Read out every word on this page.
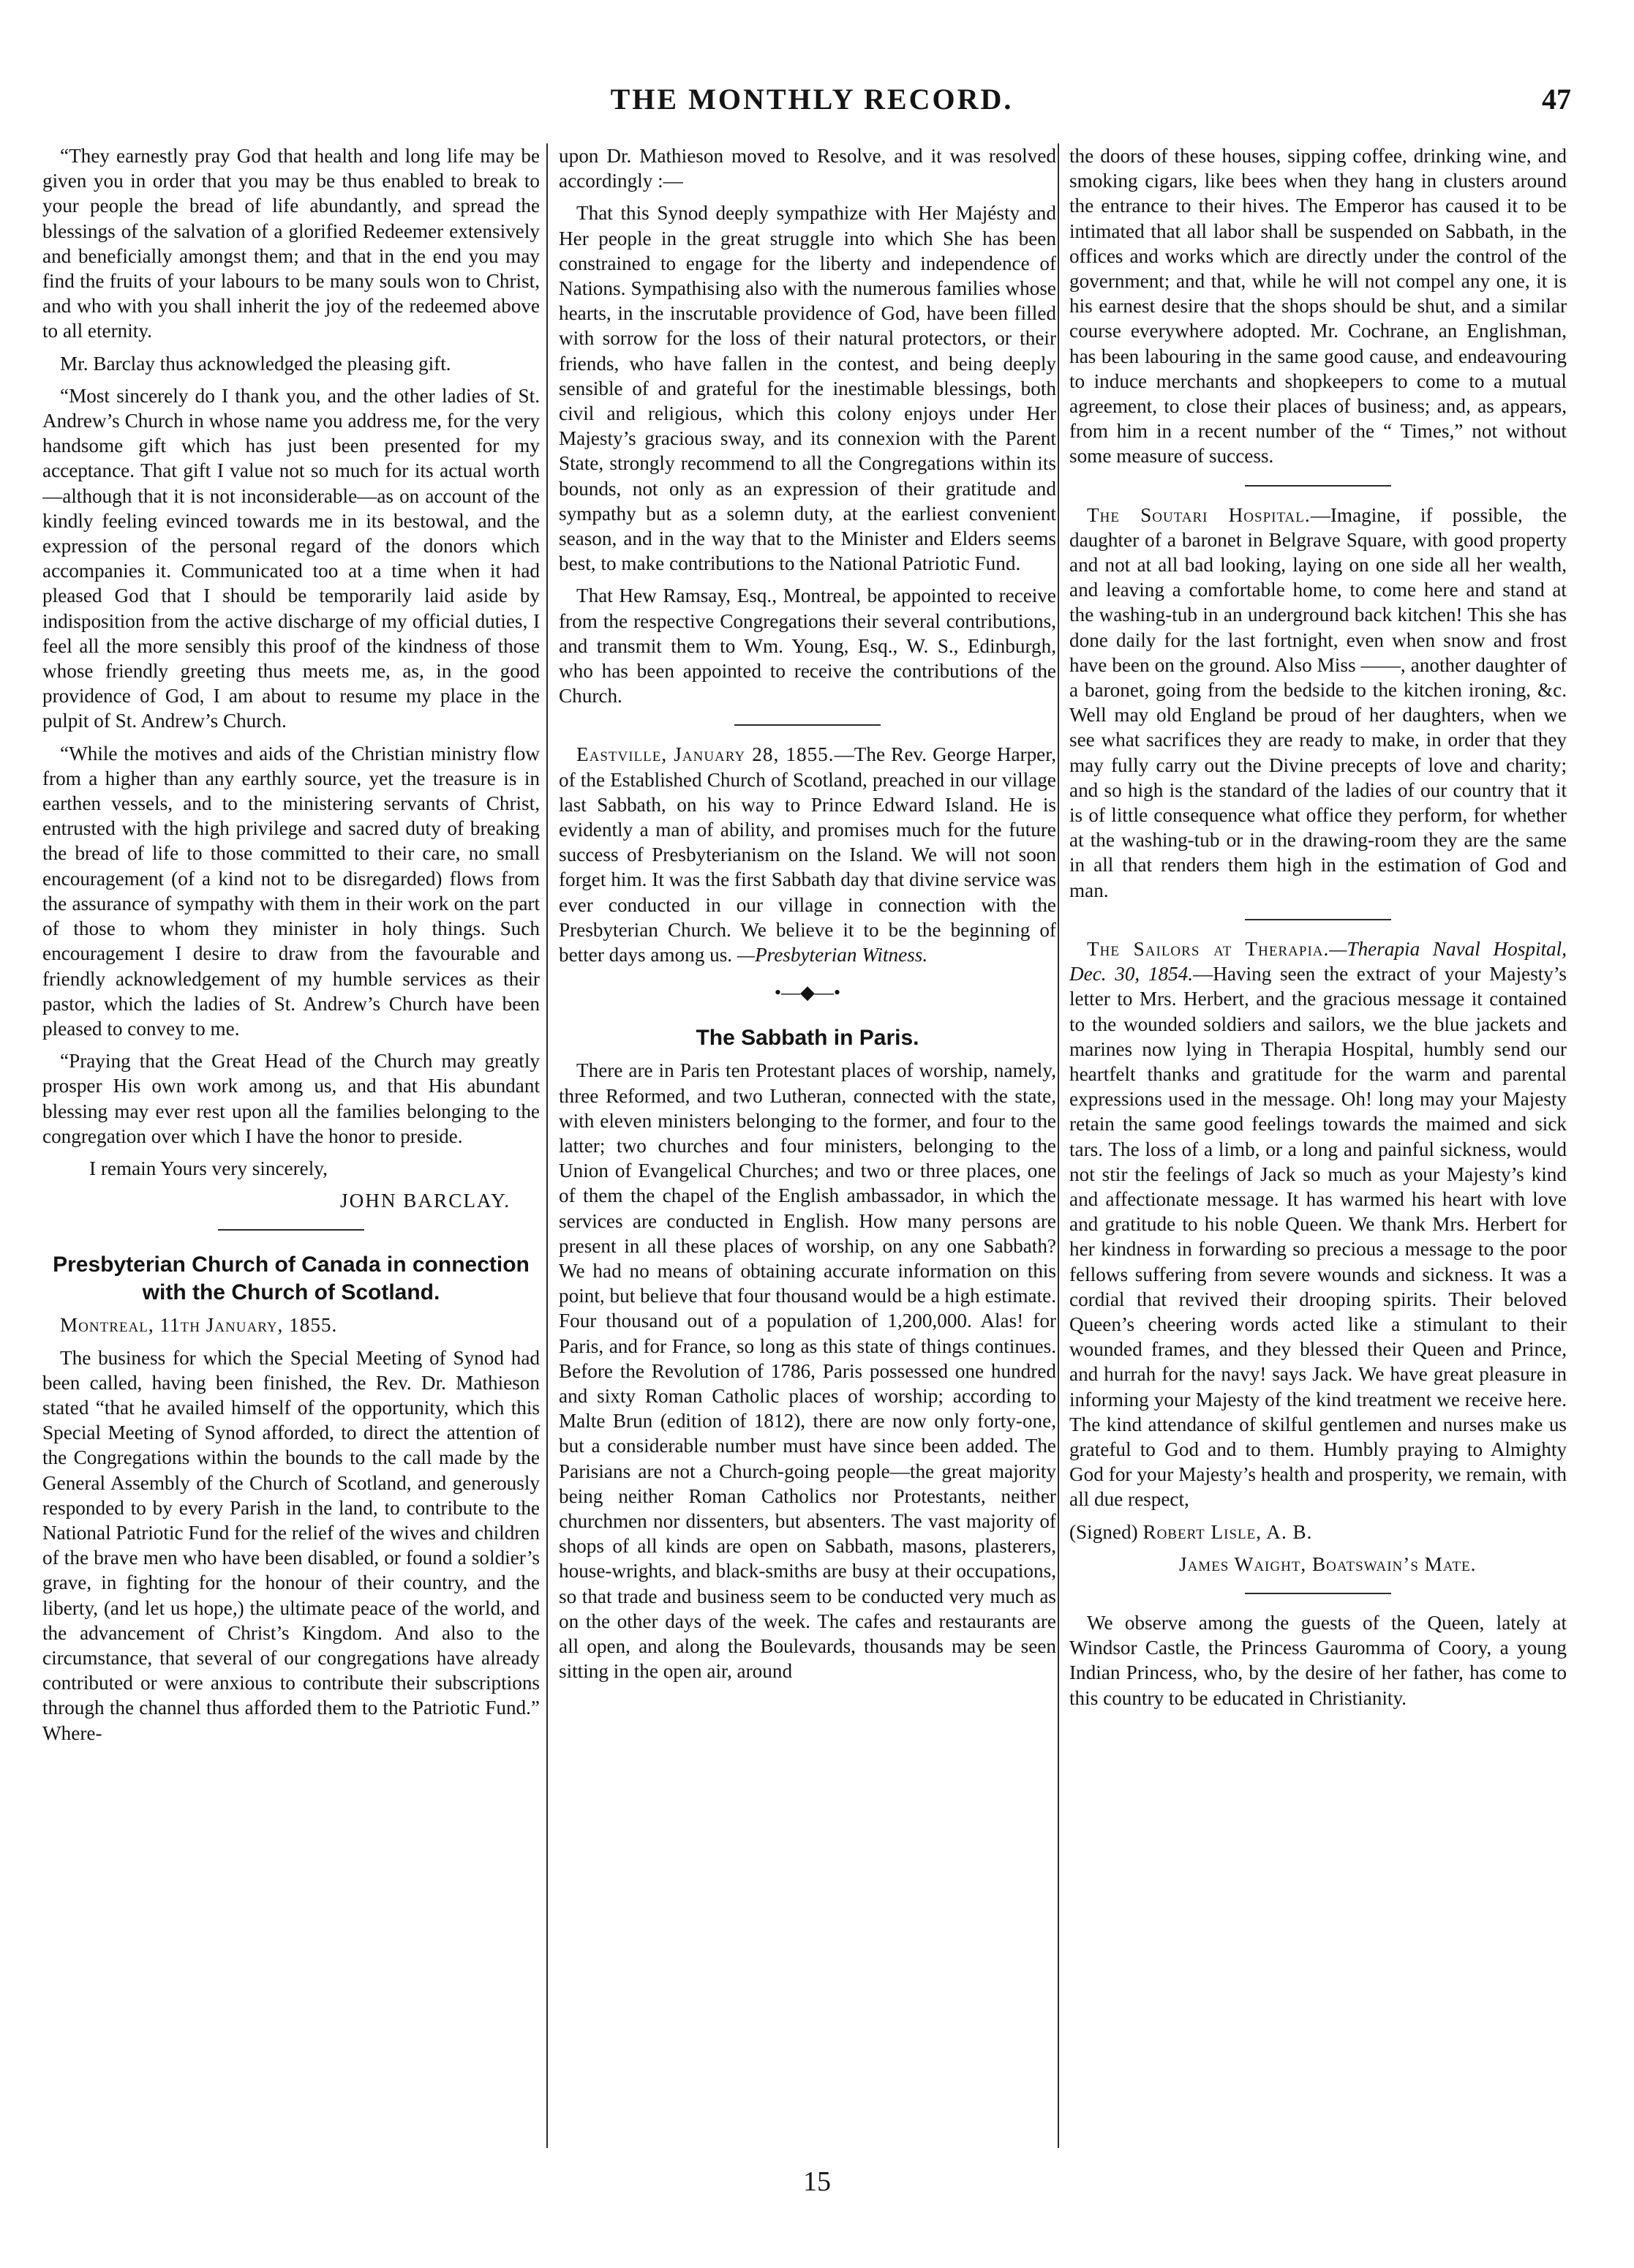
THE MONTHLY RECORD.	47

“They earnestly pray God that health and long life may be given you in order that you may be thus enabled to break to your people the bread of life abundantly, and spread the blessings of the salvation of a glorified Redeemer extensively and beneficially amongst them; and that in the end you may find the fruits of your labours to be many souls won to Christ, and who with you shall inherit the joy of the redeemed above to all eternity.

Mr. Barclay thus acknowledged the pleasing gift.

“Most sincerely do I thank you, and the other ladies of St. Andrew’s Church in whose name you address me, for the very handsome gift which has just been presented for my acceptance. That gift I value not so much for its actual worth—although that it is not inconsiderable—as on account of the kindly feeling evinced towards me in its bestowal, and the expression of the personal regard of the donors which accompanies it. Communicated too at a time when it had pleased God that I should be temporarily laid aside by indisposition from the active discharge of my official duties, I feel all the more sensibly this proof of the kindness of those whose friendly greeting thus meets me, as, in the good providence of God, I am about to resume my place in the pulpit of St. Andrew’s Church.

“While the motives and aids of the Christian ministry flow from a higher than any earthly source, yet the treasure is in earthen vessels, and to the ministering servants of Christ, entrusted with the high privilege and sacred duty of breaking the bread of life to those committed to their care, no small encouragement (of a kind not to be disregarded) flows from the assurance of sympathy with them in their work on the part of those to whom they minister in holy things. Such encouragement I desire to draw from the favourable and friendly acknowledgement of my humble services as their pastor, which the ladies of St. Andrew’s Church have been pleased to convey to me.

“Praying that the Great Head of the Church may greatly prosper His own work among us, and that His abundant blessing may ever rest upon all the families belonging to the congregation over which I have the honor to preside.

I remain Yours very sincerely,

JOHN BARCLAY.
Presbyterian Church of Canada in connection with the Church of Scotland.

Montreal, 11th January, 1855.

The business for which the Special Meeting of Synod had been called, having been finished, the Rev. Dr. Mathieson stated “that he availed himself of the opportunity, which this Special Meeting of Synod afforded, to direct the attention of the Congregations within the bounds to the call made by the General Assembly of the Church of Scotland, and generously responded to by every Parish in the land, to contribute to the National Patriotic Fund for the relief of the wives and children of the brave men who have been disabled, or found a soldier’s grave, in fighting for the honour of their country, and the liberty, (and let us hope,) the ultimate peace of the world, and the advancement of Christ’s Kingdom. And also to the circumstance, that several of our congregations have already contributed or were anxious to contribute their subscriptions through the channel thus afforded them to the Patriotic Fund.” Where-

upon Dr. Mathieson moved to Resolve, and it was resolved accordingly :—

That this Synod deeply sympathize with Her Majésty and Her people in the great struggle into which She has been constrained to engage for the liberty and independence of Nations. Sympathising also with the numerous families whose hearts, in the inscrutable providence of God, have been filled with sorrow for the loss of their natural protectors, or their friends, who have fallen in the contest, and being deeply sensible of and grateful for the inestimable blessings, both civil and religious, which this colony enjoys under Her Majesty’s gracious sway, and its connexion with the Parent State, strongly recommend to all the Congregations within its bounds, not only as an expression of their gratitude and sympathy but as a solemn duty, at the earliest convenient season, and in the way that to the Minister and Elders seems best, to make contributions to the National Patriotic Fund.

That Hew Ramsay, Esq., Montreal, be appointed to receive from the respective Congregations their several contributions, and transmit them to Wm. Young, Esq., W. S., Edinburgh, who has been appointed to receive the contributions of the Church.

Eastville, January 28, 1855.—The Rev. George Harper, of the Established Church of Scotland, preached in our village last Sabbath, on his way to Prince Edward Island. He is evidently a man of ability, and promises much for the future success of Presbyterianism on the Island. We will not soon forget him. It was the first Sabbath day that divine service was ever conducted in our village in connection with the Presbyterian Church. We believe it to be the beginning of better days among us. —Presbyterian Witness.

•—◆—•
The Sabbath in Paris.

There are in Paris ten Protestant places of worship, namely, three Reformed, and two Lutheran, connected with the state, with eleven ministers belonging to the former, and four to the latter; two churches and four ministers, belonging to the Union of Evangelical Churches; and two or three places, one of them the chapel of the English ambassador, in which the services are conducted in English. How many persons are present in all these places of worship, on any one Sabbath? We had no means of obtaining accurate information on this point, but believe that four thousand would be a high estimate. Four thousand out of a population of 1,200,000. Alas! for Paris, and for France, so long as this state of things continues. Before the Revolution of 1786, Paris possessed one hundred and sixty Roman Catholic places of worship; according to Malte Brun (edition of 1812), there are now only forty-one, but a considerable number must have since been added. The Parisians are not a Church-going people—the great majority being neither Roman Catholics nor Protestants, neither churchmen nor dissenters, but absenters. The vast majority of shops of all kinds are open on Sabbath, masons, plasterers, house-wrights, and black-smiths are busy at their occupations, so that trade and business seem to be conducted very much as on the other days of the week. The cafes and restaurants are all open, and along the Boulevards, thousands may be seen sitting in the open air, around

the doors of these houses, sipping coffee, drinking wine, and smoking cigars, like bees when they hang in clusters around the entrance to their hives. The Emperor has caused it to be intimated that all labor shall be suspended on Sabbath, in the offices and works which are directly under the control of the government; and that, while he will not compel any one, it is his earnest desire that the shops should be shut, and a similar course everywhere adopted. Mr. Cochrane, an Englishman, has been labouring in the same good cause, and endeavouring to induce merchants and shopkeepers to come to a mutual agreement, to close their places of business; and, as appears, from him in a recent number of the “ Times,” not without some measure of success.

The Soutari Hospital.—Imagine, if possible, the daughter of a baronet in Belgrave Square, with good property and not at all bad looking, laying on one side all her wealth, and leaving a comfortable home, to come here and stand at the washing-tub in an underground back kitchen! This she has done daily for the last fortnight, even when snow and frost have been on the ground. Also Miss ——, another daughter of a baronet, going from the bedside to the kitchen ironing, &c. Well may old England be proud of her daughters, when we see what sacrifices they are ready to make, in order that they may fully carry out the Divine precepts of love and charity; and so high is the standard of the ladies of our country that it is of little consequence what office they perform, for whether at the washing-tub or in the drawing-room they are the same in all that renders them high in the estimation of God and man.

The Sailors at Therapia.—Therapia Naval Hospital, Dec. 30, 1854.—Having seen the extract of your Majesty’s letter to Mrs. Herbert, and the gracious message it contained to the wounded soldiers and sailors, we the blue jackets and marines now lying in Therapia Hospital, humbly send our heartfelt thanks and gratitude for the warm and parental expressions used in the message. Oh! long may your Majesty retain the same good feelings towards the maimed and sick tars. The loss of a limb, or a long and painful sickness, would not stir the feelings of Jack so much as your Majesty’s kind and affectionate message. It has warmed his heart with love and gratitude to his noble Queen. We thank Mrs. Herbert for her kindness in forwarding so precious a message to the poor fellows suffering from severe wounds and sickness. It was a cordial that revived their drooping spirits. Their beloved Queen’s cheering words acted like a stimulant to their wounded frames, and they blessed their Queen and Prince, and hurrah for the navy! says Jack. We have great pleasure in informing your Majesty of the kind treatment we receive here. The kind attendance of skilful gentlemen and nurses make us grateful to God and to them. Humbly praying to Almighty God for your Majesty’s health and prosperity, we remain, with all due respect,

(Signed) Robert Lisle, A. B.

James Waight, Boatswain’s Mate.

We observe among the guests of the Queen, lately at Windsor Castle, the Princess Gauromma of Coory, a young Indian Princess, who, by the desire of her father, has come to this country to be educated in Christianity.

15
